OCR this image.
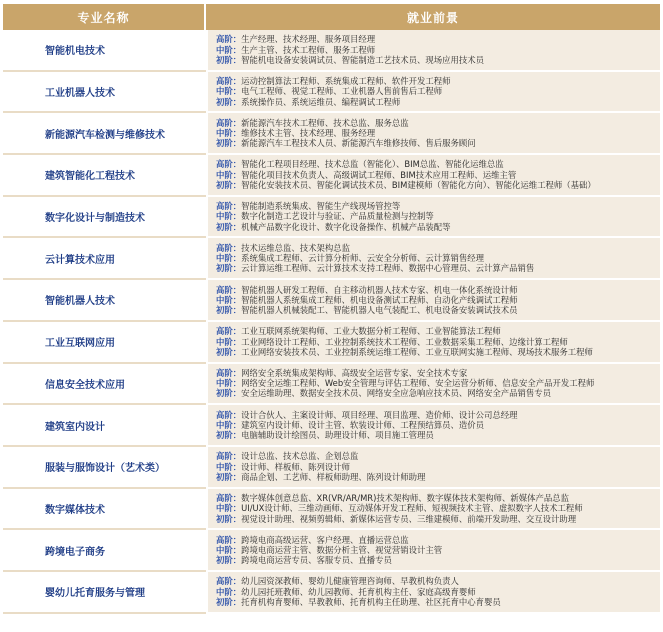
专业名称	就业前景
智能机电技术	高阶：生产经理、技术经理、服务项目经理
中阶：生产主管、技术工程师、服务工程师
初阶：智能机电设备安装调试员、智能制造工艺技术员、现场应用技术员

工业机器人技术	高阶：运动控制算法工程师、系统集成工程师、软件开发工程师
中阶：电气工程师、视觉工程师、工业机器人售前售后工程师
初阶：系统操作员、系统运维员、编程调试工程师

新能源汽车检测与维修技术	高阶：新能源汽车技术工程师、技术总监、服务总监
中阶：维修技术主管、技术经理、服务经理
初阶：新能源汽车工程技术人员、新能源汽车维修技师、售后服务顾问

建筑智能化工程技术	高阶：智能化工程项目经理、技术总监（智能化）、BIM总监、智能化运维总监
中阶：智能化项目技术负责人、高级调试工程师、BIM技术应用工程师、运维主管
初阶：智能化安装技术员、智能化调试技术员、BIM建模师（智能化方向）、智能化运维工程师（基础）

数字化设计与制造技术	高阶：智能制造系统集成、智能生产线现场管控等
中阶：数字化制造工艺设计与验证、产品质量检测与控制等
初阶：机械产品数字化设计、数字化设备操作、机械产品装配等

云计算技术应用	高阶：技术运维总监、技术架构总监
中阶：系统集成工程师、云计算分析师、云安全分析师、云计算销售经理
初阶：云计算运维工程师、云计算技术支持工程师、数据中心管理员、云计算产品销售

智能机器人技术	高阶：智能机器人研发工程师、自主移动机器人技术专家、机电一体化系统设计师
中阶：智能机器人系统集成工程师、机电设备测试工程师、自动化产线调试工程师
初阶：智能机器人机械装配工、智能机器人电气装配工、机电设备安装调试技术员

工业互联网应用	高阶：工业互联网系统架构师、工业大数据分析工程师、工业智能算法工程师
中阶：工业网络设计工程师、工业控制系统技术工程师、工业数据采集工程师、边缘计算工程师
初阶：工业网络安装技术员、工业控制系统运维工程师、工业互联网实施工程师、现场技术服务工程师

信息安全技术应用	高阶：网络安全系统集成架构师、高级安全运营专家、安全技术专家
中阶：网络安全运维工程师、Web安全管理与评估工程师、安全运营分析师、信息安全产品开发工程师
初阶：安全运维助理、数据安全技术员、网络安全应急响应技术员、网络安全产品销售专员

建筑室内设计	高阶：设计合伙人、主案设计师、项目经理、项目监理、造价师、设计公司总经理
中阶：建筑室内设计师、设计主管、软装设计师、工程预结算员、造价员
初阶：电脑辅助设计绘图员、助理设计师、项目施工管理员

服装与服饰设计（艺术类）	高阶：设计总监、技术总监、企划总监
中阶：设计师、样板师、陈列设计师
初阶：商品企划、工艺师、样板师助理、陈列设计师助理

数字媒体技术	高阶：数字媒体创意总监、XR(VR/AR/MR)技术架构师、数字媒体技术架构师、新媒体产品总监
中阶：UI/UX设计师、三维动画师、互动媒体开发工程师、短视频技术主管、虚拟数字人技术工程师
初阶：视觉设计助理、视频剪辑师、新媒体运营专员、三维建模师、前端开发助理、交互设计助理

跨境电子商务	高阶：跨境电商高级运营、客户经理、直播运营总监
中阶：跨境电商运营主管、数据分析主管、视觉营销设计主管
初阶：跨境电商运营专员、客服专员、直播专员

婴幼儿托育服务与管理	高阶：幼儿园资深教师、婴幼儿健康管理咨询师、早教机构负责人
中阶：幼儿园托班教师、幼儿园教师、托育机构主任、家庭高级育婴师
初阶：托育机构育婴师、早教教师、托育机构主任助理、社区托育中心育婴员
